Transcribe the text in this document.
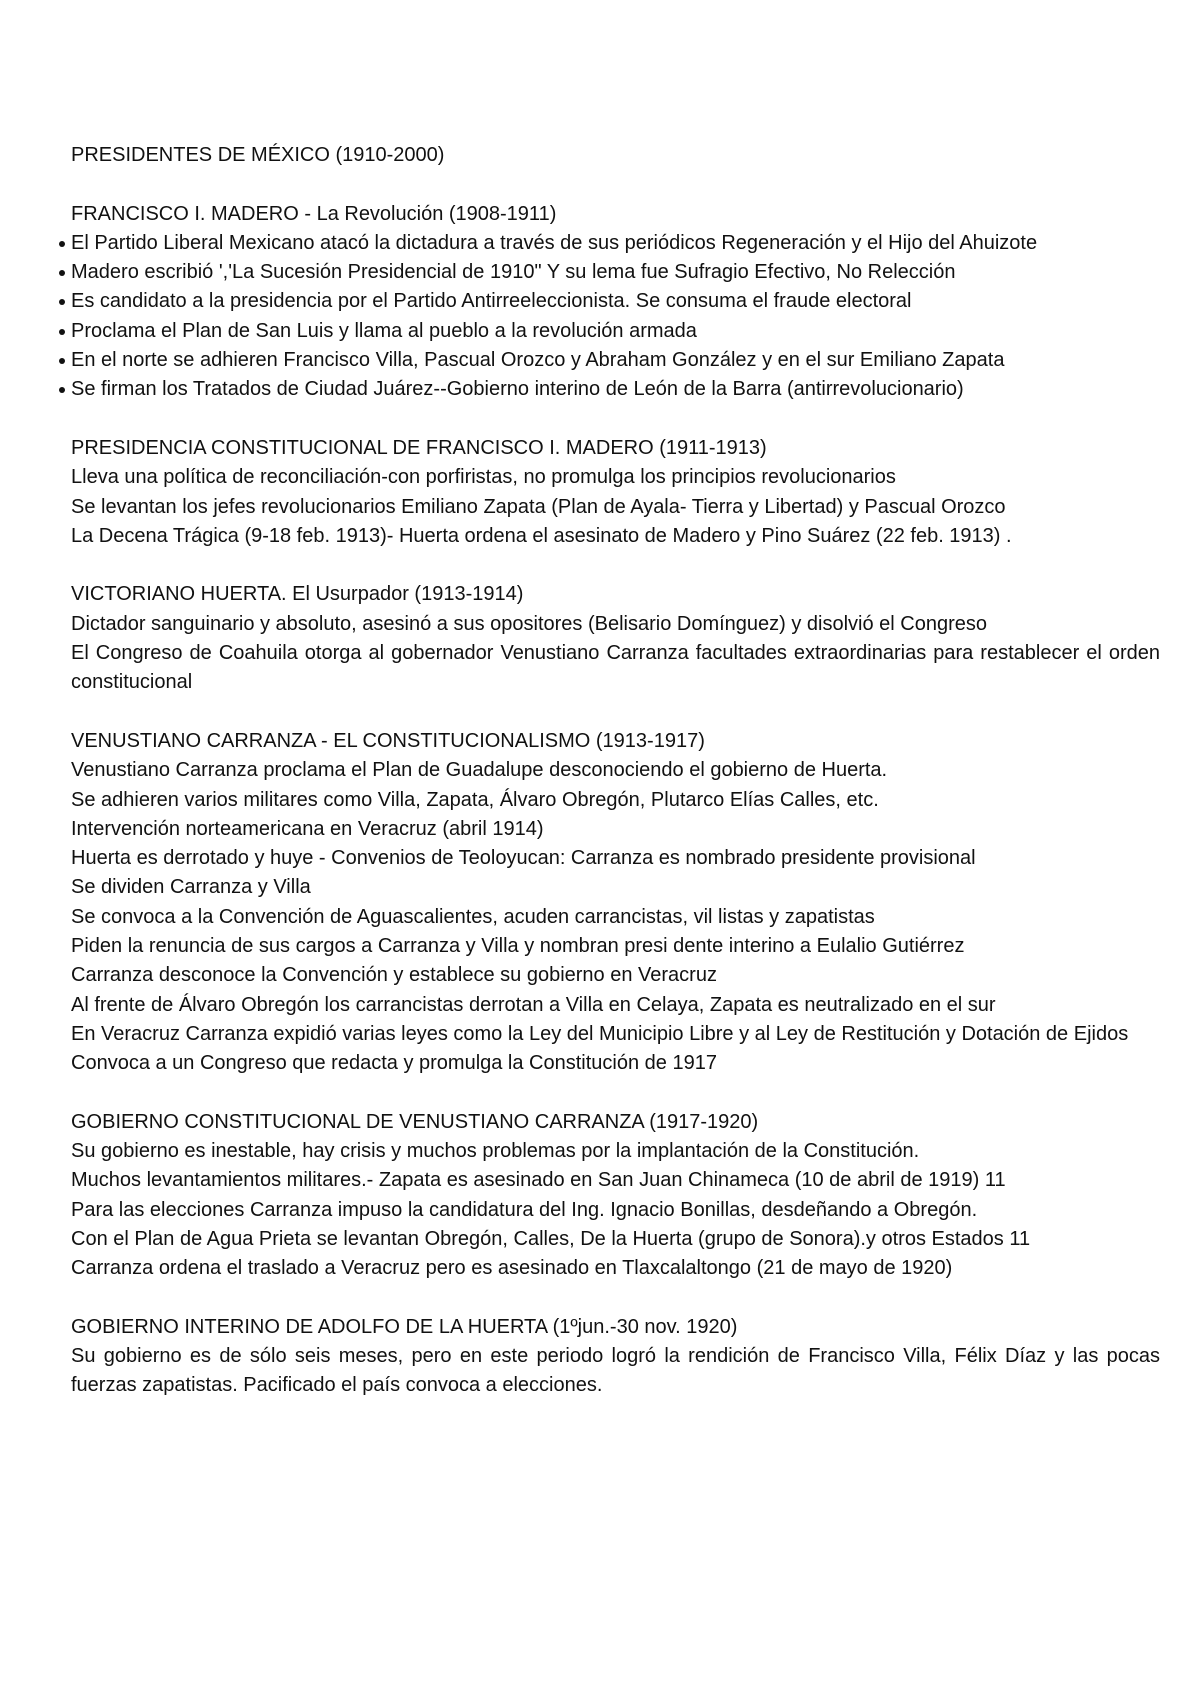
PRESIDENTES DE MÉXICO (1910-2000)
FRANCISCO I. MADERO - La Revolución (1908-1911)
El Partido Liberal Mexicano atacó la dictadura a través de sus periódicos Regeneración y el Hijo del Ahuizote
Madero escribió ','La Sucesión Presidencial de 1910" Y su lema fue Sufragio Efectivo, No Relección
Es candidato a la presidencia por el Partido Antirreeleccionista. Se consuma el fraude electoral
Proclama el Plan de San Luis y llama al pueblo a la revolución armada
En el norte se adhieren Francisco Villa, Pascual Orozco y Abraham González y en el sur Emiliano Zapata
Se firman los Tratados de Ciudad Juárez--Gobierno interino de León de la Barra (antirrevolucionario)
PRESIDENCIA CONSTITUCIONAL DE FRANCISCO I. MADERO (1911-1913)

Lleva una política de reconciliación-con porfiristas, no promulga los principios revolucionarios

Se levantan los jefes revolucionarios Emiliano Zapata (Plan de Ayala- Tierra y Libertad) y Pascual Orozco

La Decena Trágica (9-18 feb. 1913)- Huerta ordena el asesinato de Madero y Pino Suárez (22 feb. 1913) .

VICTORIANO HUERTA. El Usurpador (1913-1914)

Dictador sanguinario y absoluto, asesinó a sus opositores (Belisario Domínguez) y disolvió el Congreso

El Congreso de Coahuila otorga al gobernador Venustiano Carranza facultades extraordinarias para restablecer el orden constitucional

VENUSTIANO CARRANZA - EL CONSTITUCIONALISMO (1913-1917)

Venustiano Carranza proclama el Plan de Guadalupe desconociendo el gobierno de Huerta.

Se adhieren varios militares como Villa, Zapata, Álvaro Obregón, Plutarco Elías Calles, etc.

Intervención norteamericana en Veracruz (abril 1914)

Huerta es derrotado y huye - Convenios de Teoloyucan: Carranza es nombrado presidente provisional

Se dividen Carranza y Villa

Se convoca a la Convención de Aguascalientes, acuden carrancistas, vil listas y zapatistas

Piden la renuncia de sus cargos a Carranza y Villa y nombran presi dente interino a Eulalio Gutiérrez

Carranza desconoce la Convención y establece su gobierno en Veracruz

Al frente de Álvaro Obregón los carrancistas derrotan a Villa en Celaya, Zapata es neutralizado en el sur

En Veracruz Carranza expidió varias leyes como la Ley del Municipio Libre y al Ley de Restitución y Dotación de Ejidos

Convoca a un Congreso que redacta y promulga la Constitución de 1917

GOBIERNO CONSTITUCIONAL DE VENUSTIANO CARRANZA (1917-1920)

Su gobierno es inestable, hay crisis y muchos problemas por la implantación de la Constitución.

Muchos levantamientos militares.- Zapata es asesinado en San Juan Chinameca (10 de abril de 1919) 11

Para las elecciones Carranza impuso la candidatura del Ing. Ignacio Bonillas, desdeñando a Obregón.

Con el Plan de Agua Prieta se levantan Obregón, Calles, De la Huerta (grupo de Sonora).y otros Estados 11

Carranza ordena el traslado a Veracruz pero es asesinado en Tlaxcalaltongo (21 de mayo de 1920)

GOBIERNO INTERINO DE ADOLFO DE LA HUERTA (1ºjun.-30 nov. 1920)

Su gobierno es de sólo seis meses, pero en este periodo logró la rendición de Francisco Villa, Félix Díaz y las pocas fuerzas zapatistas. Pacificado el país convoca a elecciones.
